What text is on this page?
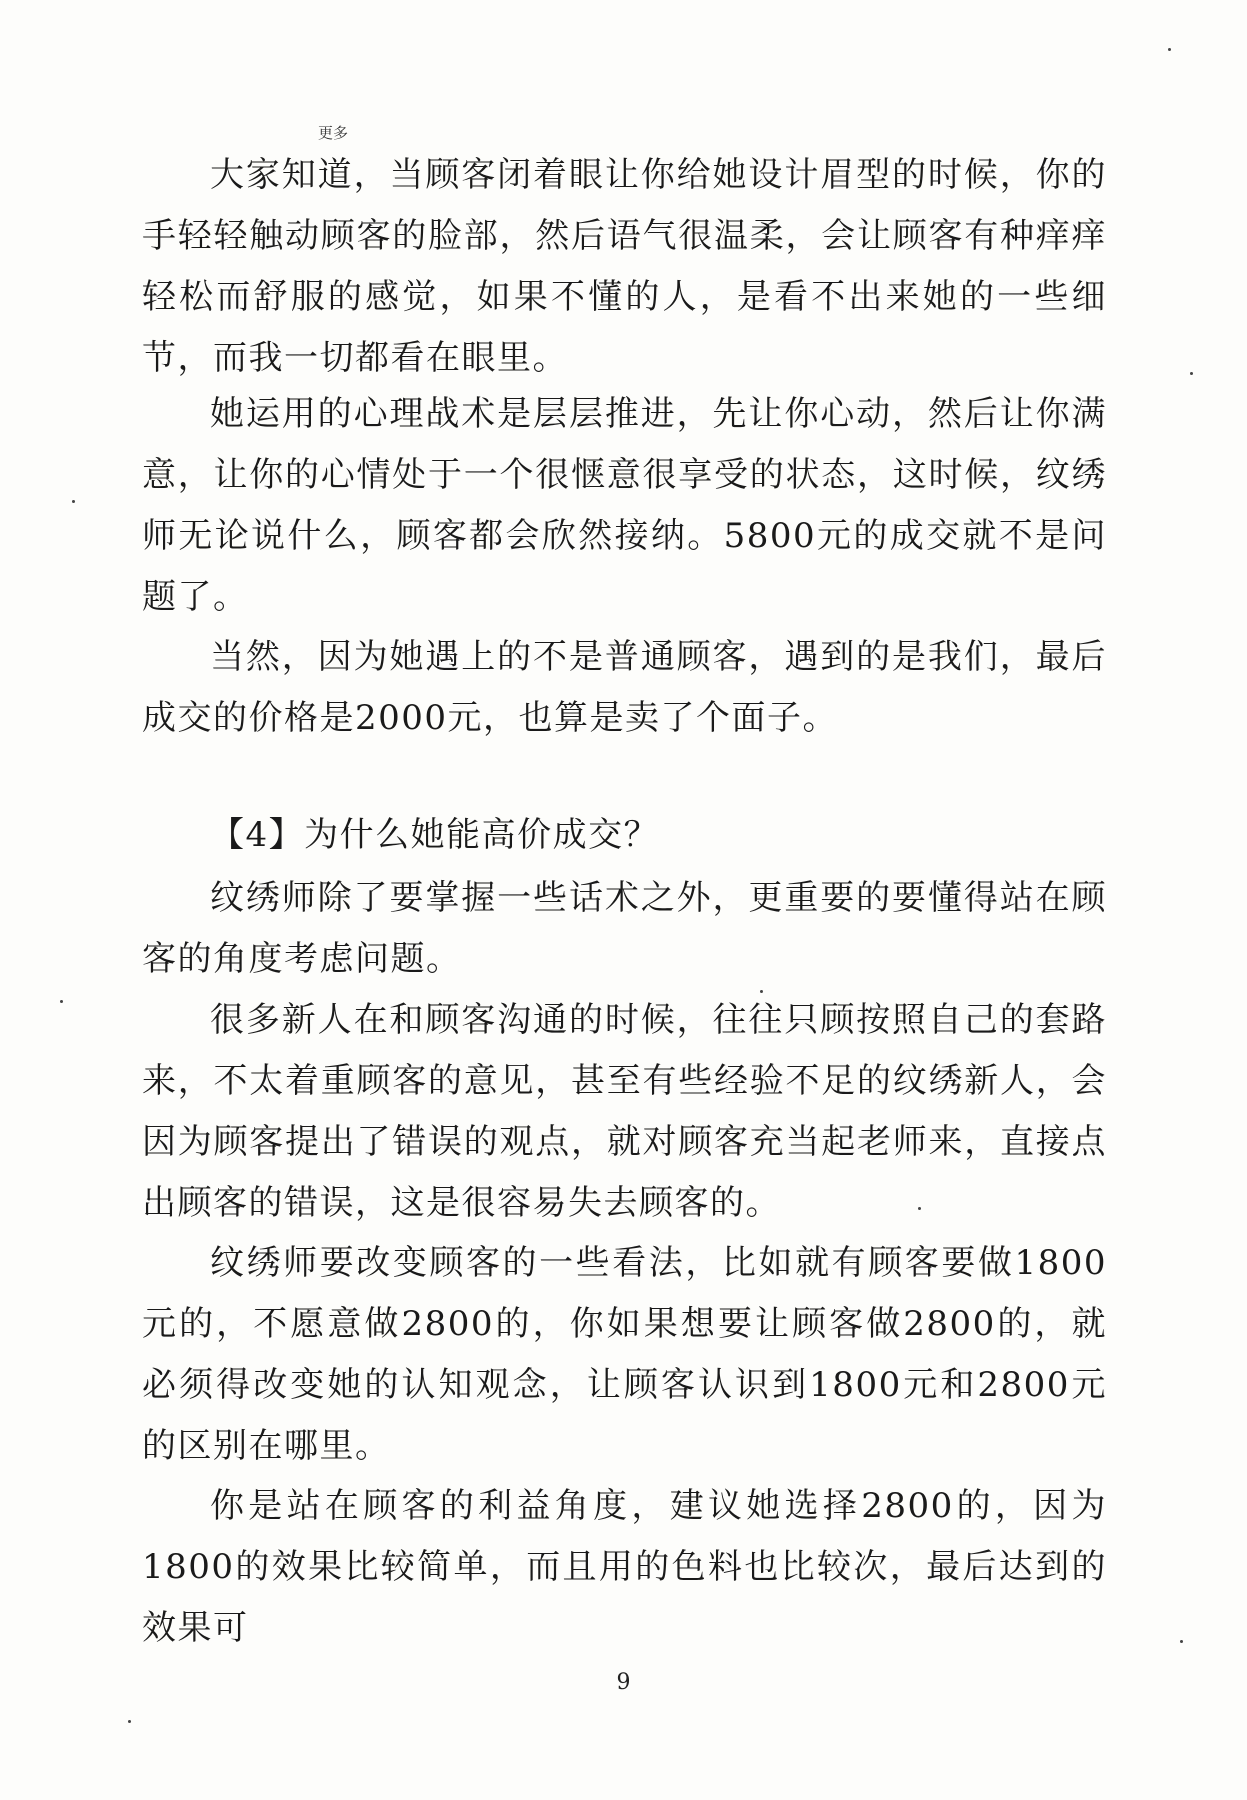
更多

大家知道，当顾客闭着眼让你给她设计眉型的时候，你的手轻轻触动顾客的脸部，然后语气很温柔，会让顾客有种痒痒轻松而舒服的感觉，如果不懂的人，是看不出来她的一些细节，而我一切都看在眼里。

她运用的心理战术是层层推进，先让你心动，然后让你满意，让你的心情处于一个很惬意很享受的状态，这时候，纹绣师无论说什么，顾客都会欣然接纳。5800元的成交就不是问题了。

当然，因为她遇上的不是普通顾客，遇到的是我们，最后成交的价格是2000元，也算是卖了个面子。

【4】为什么她能高价成交？

纹绣师除了要掌握一些话术之外，更重要的要懂得站在顾客的角度考虑问题。

很多新人在和顾客沟通的时候，往往只顾按照自己的套路来，不太着重顾客的意见，甚至有些经验不足的纹绣新人，会因为顾客提出了错误的观点，就对顾客充当起老师来，直接点出顾客的错误，这是很容易失去顾客的。

纹绣师要改变顾客的一些看法，比如就有顾客要做1800元的，不愿意做2800的，你如果想要让顾客做2800的，就必须得改变她的认知观念，让顾客认识到1800元和2800元的区别在哪里。

你是站在顾客的利益角度，建议她选择2800的，因为1800的效果比较简单，而且用的色料也比较次，最后达到的效果可

9
